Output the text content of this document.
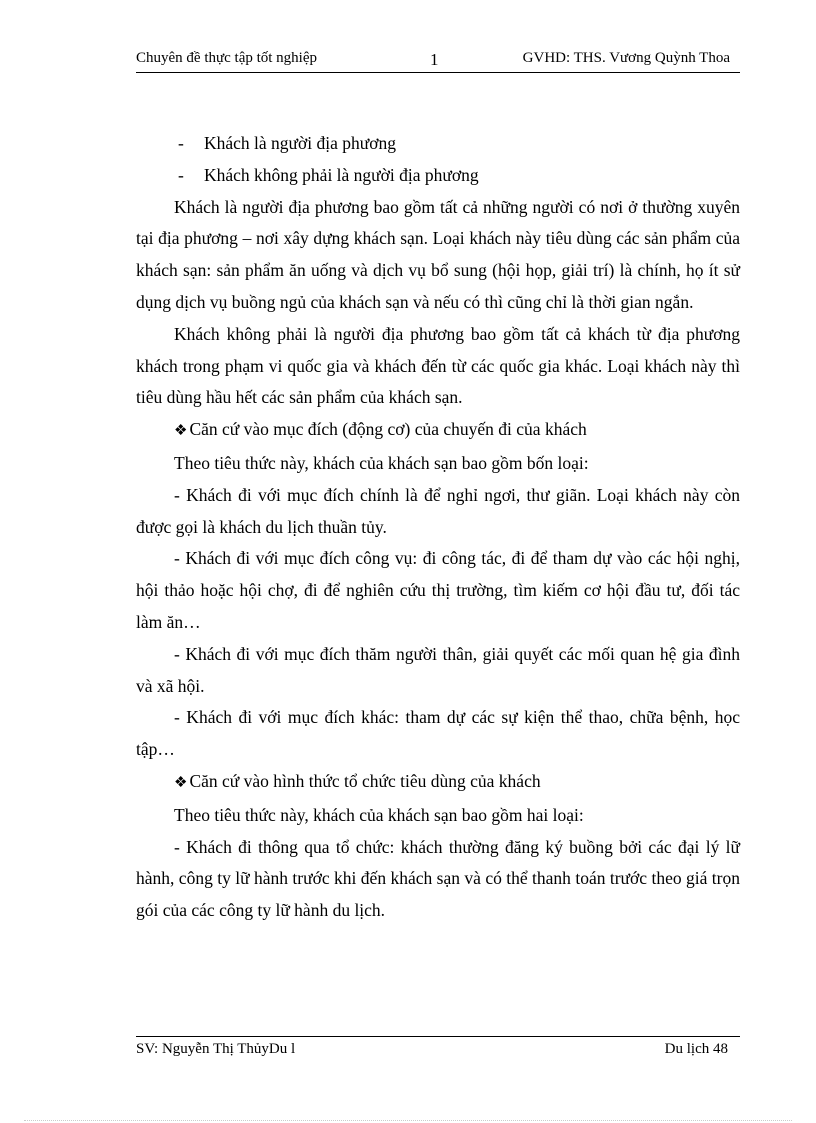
Chuyên đề thực tập tốt nghiệp	1	GVHD: THS. Vương Quỳnh Thoa

- Khách là người địa phương

- Khách không phải là người địa phương

Khách là người địa phương bao gồm tất cả những người có nơi ở thường xuyên tại địa phương – nơi xây dựng khách sạn. Loại khách này tiêu dùng các sản phẩm của khách sạn: sản phẩm ăn uống và dịch vụ bổ sung (hội họp, giải trí) là chính, họ ít sử dụng dịch vụ buồng ngủ của khách sạn và nếu có thì cũng chỉ là thời gian ngắn.

Khách không phải là người địa phương bao gồm tất cả khách từ địa phương khách trong phạm vi quốc gia và khách đến từ các quốc gia khác. Loại khách này thì tiêu dùng hầu hết các sản phẩm của khách sạn.

❖ Căn cứ vào mục đích (động cơ) của chuyến đi của khách

Theo tiêu thức này, khách của khách sạn bao gồm bốn loại:

- Khách đi với mục đích chính là để nghỉ ngơi, thư giãn. Loại khách này còn được gọi là khách du lịch thuần tủy.

- Khách đi với mục đích công vụ: đi công tác, đi để tham dự vào các hội nghị, hội thảo hoặc hội chợ, đi để nghiên cứu thị trường, tìm kiếm cơ hội đầu tư, đối tác làm ăn…

- Khách đi với mục đích thăm người thân, giải quyết các mối quan hệ gia đình và xã hội.

- Khách đi với mục đích khác: tham dự các sự kiện thể thao, chữa bệnh, học tập…

❖ Căn cứ vào hình thức tổ chức tiêu dùng của khách

Theo tiêu thức này, khách của khách sạn bao gồm hai loại:

- Khách đi thông qua tổ chức: khách thường đăng ký buồng bởi các đại lý lữ hành, công ty lữ hành trước khi đến khách sạn và có thể thanh toán trước theo giá trọn gói của các công ty lữ hành du lịch.

SV: Nguyễn Thị ThủyDu l	Du lịch 48
